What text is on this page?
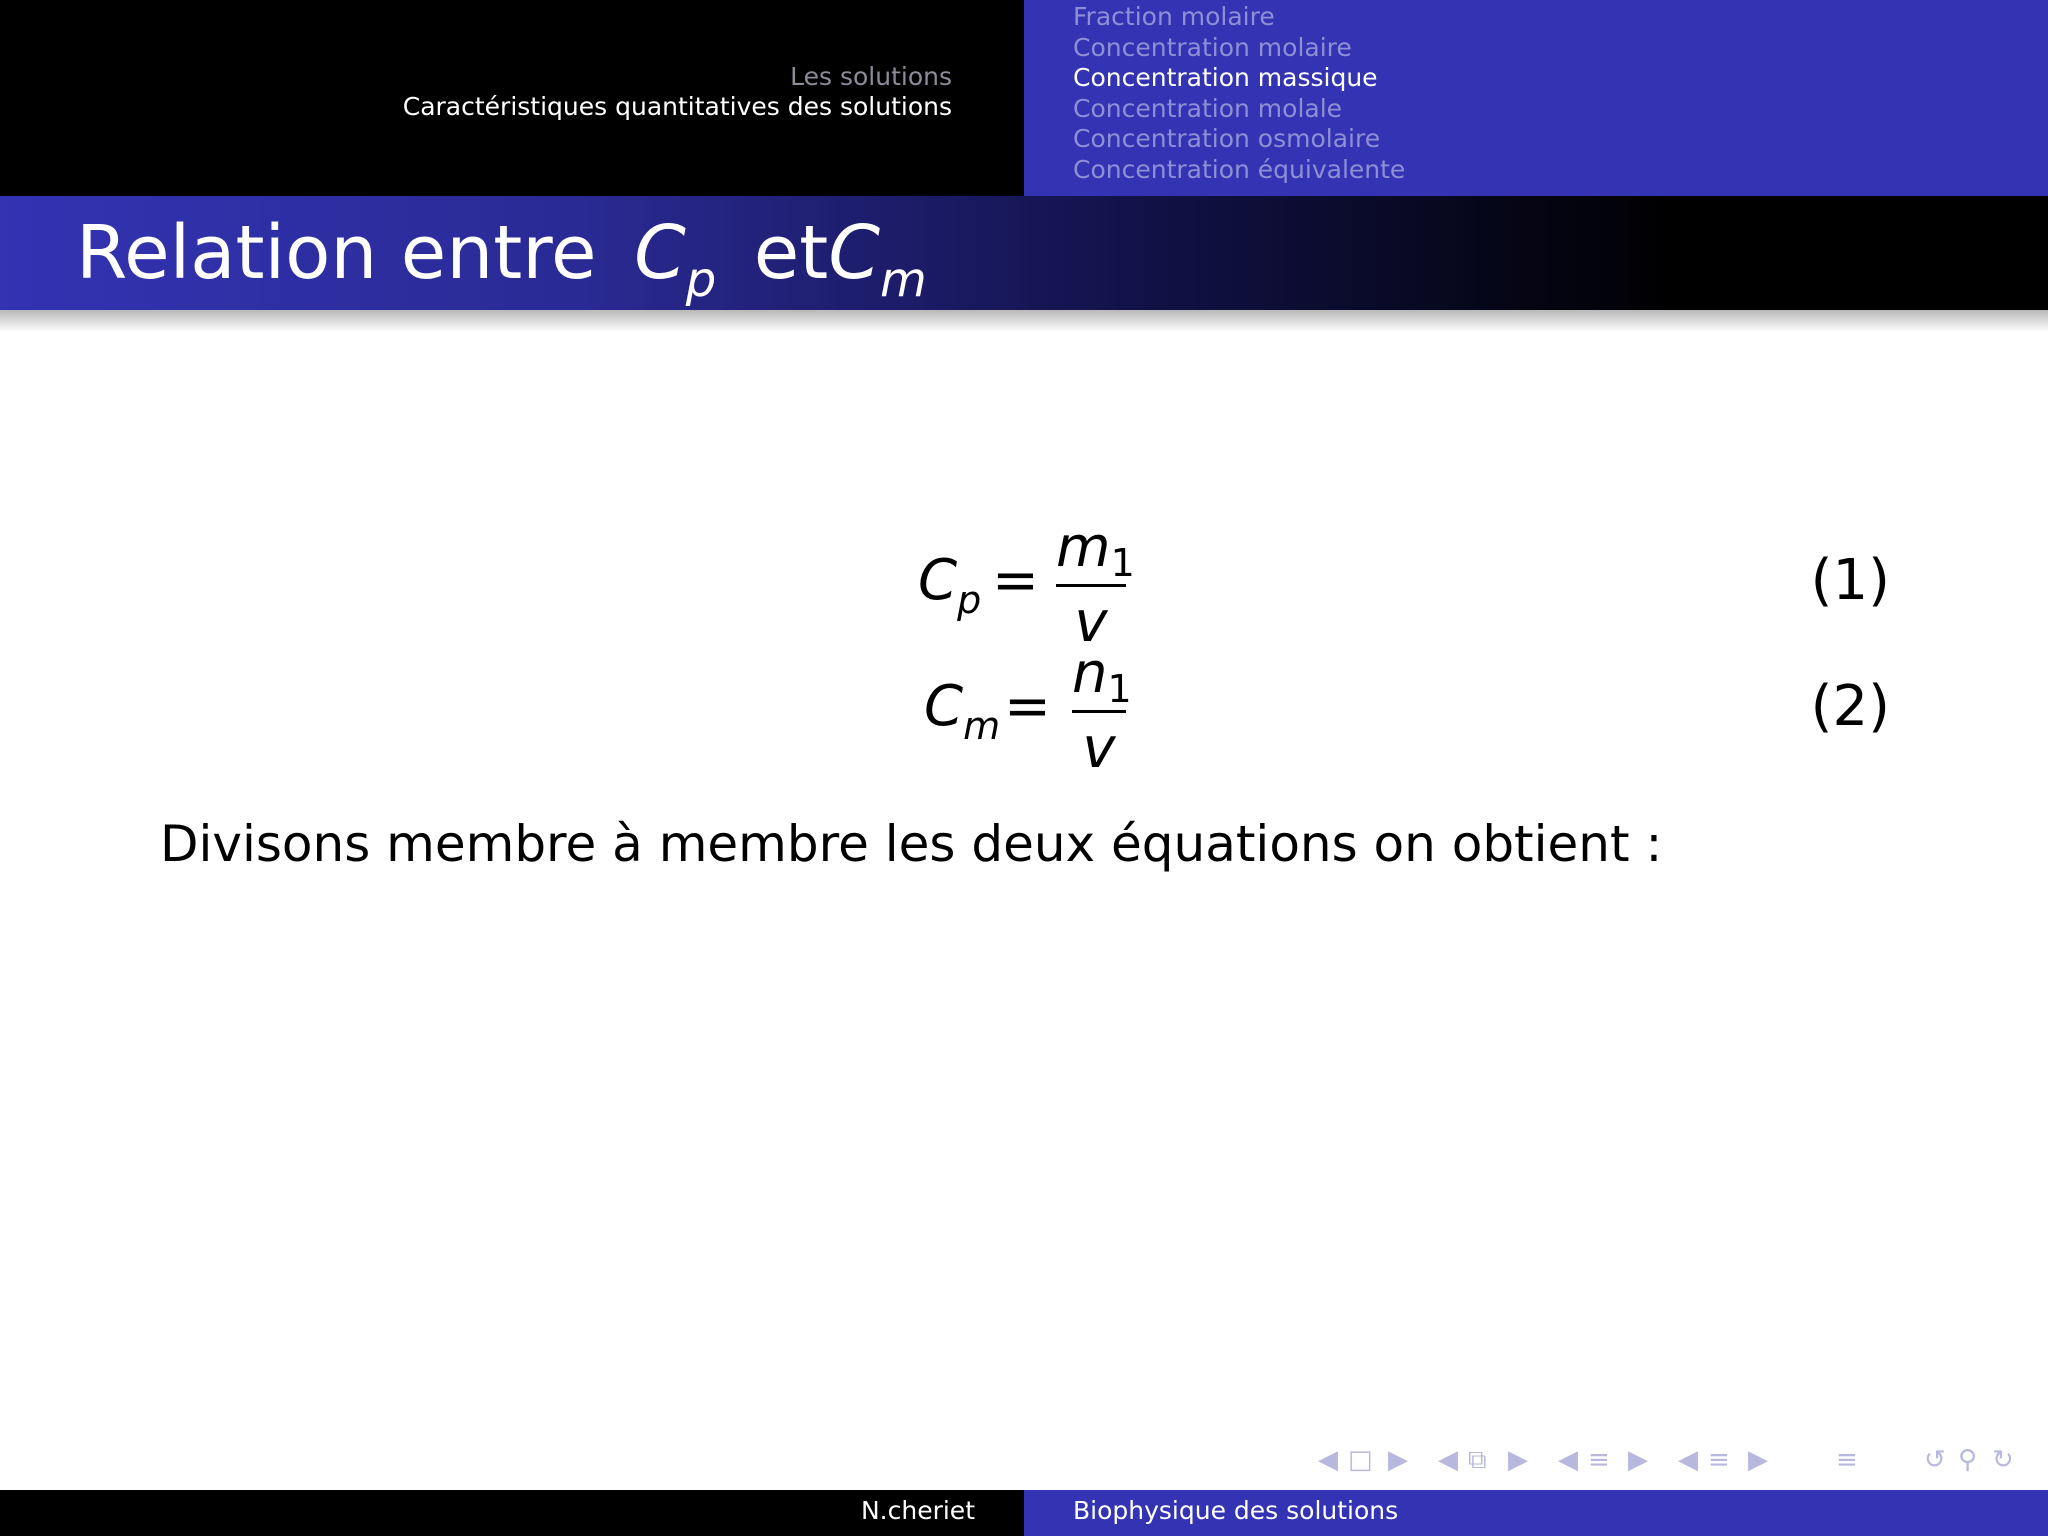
Les solutions
Caractéristiques quantitatives des solutions
Fraction molaire
Concentration molaire
Concentration massique
Concentration molale
Concentration osmolaire
Concentration équivalente
Relation entre $C_p$ etC$_m$
$C_p$ =
$m_1$
v
(1)
$C_m$ =
$n_1$
v
(2)
Divisons membre à membre les deux équations on obtient :
◀ □ ▶ ◀ ⧉ ▶ ◀ ≡ ▶ ◀ ≡ ▶	≡	↺ ⚲ ↻
N.cheriet	Biophysique des solutions
